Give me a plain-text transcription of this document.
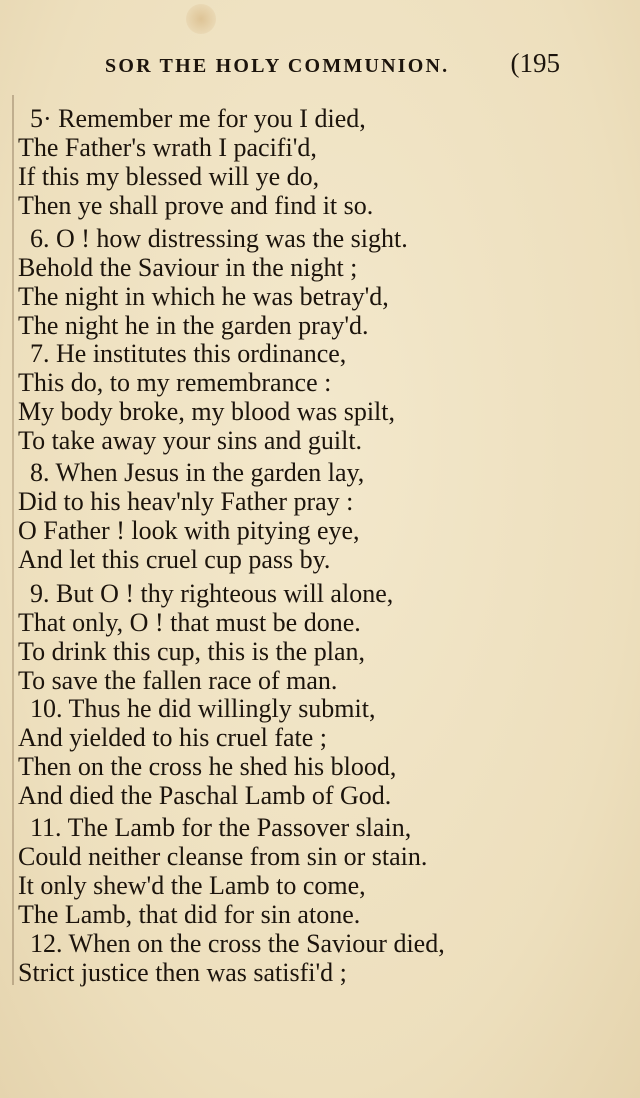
SOR THE HOLY COMMUNION. (195
5· Remember me for you I died,
The Father's wrath I pacifi'd,
If this my blessed will ye do,
Then ye shall prove and find it so.
6. O ! how distressing was the sight.
Behold the Saviour in the night ;
The night in which he was betray'd,
The night he in the garden pray'd.
7. He institutes this ordinance,
This do, to my remembrance :
My body broke, my blood was spilt,
To take away your sins and guilt.
8. When Jesus in the garden lay,
Did to his heav'nly Father pray :
O Father ! look with pitying eye,
And let this cruel cup pass by.
9. But O ! thy righteous will alone,
That only, O ! that must be done.
To drink this cup, this is the plan,
To save the fallen race of man.
10. Thus he did willingly submit,
And yielded to his cruel fate ;
Then on the cross he shed his blood,
And died the Paschal Lamb of God.
11. The Lamb for the Passover slain,
Could neither cleanse from sin or stain.
It only shew'd the Lamb to come,
The Lamb, that did for sin atone.
12. When on the cross the Saviour died,
Strict justice then was satisfi'd ;
